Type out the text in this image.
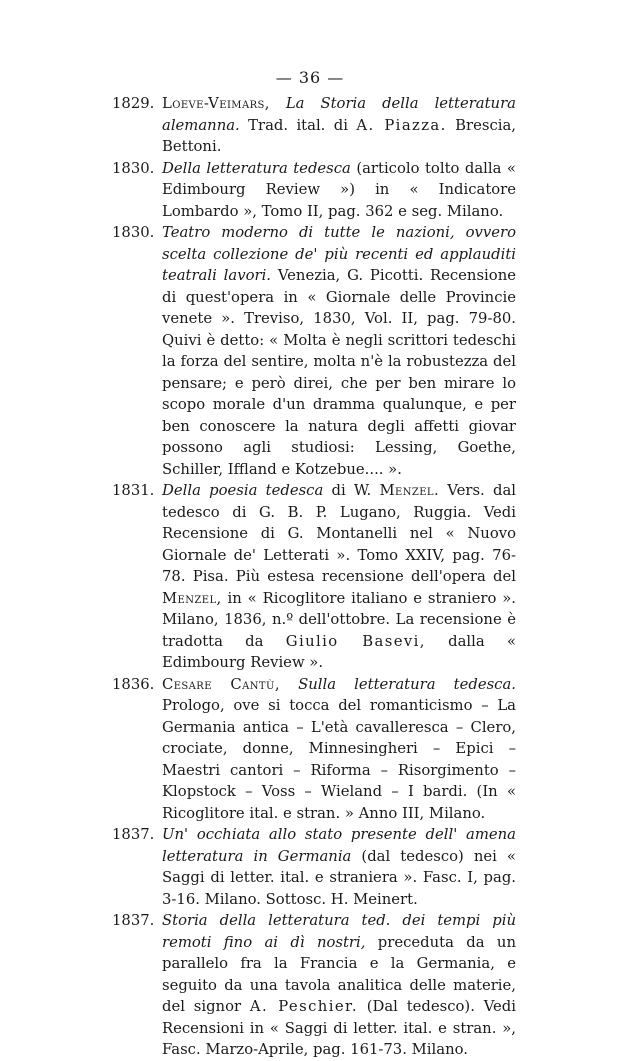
— 36 —
1829. Loeve-Veimars, La Storia della letteratura alemanna. Trad. ital. di A. Piazza. Brescia, Bettoni.
1830. Della letteratura tedesca (articolo tolto dalla « Edimbourg Review ») in « Indicatore Lombardo », Tomo II, pag. 362 e seg. Milano.
1830. Teatro moderno di tutte le nazioni, ovvero scelta collezione de' più recenti ed applauditi teatrali lavori. Venezia, G. Picotti. Recensione di quest'opera in « Giornale delle Provincie venete ». Treviso, 1830, Vol. II, pag. 79-80. Quivi è detto: « Molta è negli scrittori tedeschi la forza del sentire, molta n'è la robustezza del pensare; e però direi, che per ben mirare lo scopo morale d'un dramma qualunque, e per ben conoscere la natura degli affetti giovar possono agli studiosi: Lessing, Goethe, Schiller, Iffland e Kotzebue.... ».
1831. Della poesia tedesca di W. Menzel. Vers. dal tedesco di G. B. P. Lugano, Ruggia. Vedi Recensione di G. Montanelli nel « Nuovo Giornale de' Letterati ». Tomo XXIV, pag. 76-78. Pisa. Più estesa recensione dell'opera del Menzel, in « Ricoglitore italiano e straniero ». Milano, 1836, n.º dell'ottobre. La recensione è tradotta da Giulio Basevi, dalla « Edimbourg Review ».
1836. Cesare Cantù, Sulla letteratura tedesca. Prologo, ove si tocca del romanticismo – La Germania antica – L'età cavalleresca – Clero, crociate, donne, Minnesingheri – Epici – Maestri cantori – Riforma – Risorgimento – Klopstock – Voss – Wieland – I bardi. (In « Ricoglitore ital. e stran. » Anno III, Milano.
1837. Un' occhiata allo stato presente dell' amena letteratura in Germania (dal tedesco) nei « Saggi di letter. ital. e straniera ». Fasc. I, pag. 3-16. Milano. Sottosc. H. Meinert.
1837. Storia della letteratura ted. dei tempi più remoti fino ai dì nostri, preceduta da un parallelo fra la Francia e la Germania, e seguito da una tavola analitica delle materie, del signor A. Peschier. (Dal tedesco). Vedi Recensioni in « Saggi di letter. ital. e stran. », Fasc. Marzo-Aprile, pag. 161-73. Milano.
